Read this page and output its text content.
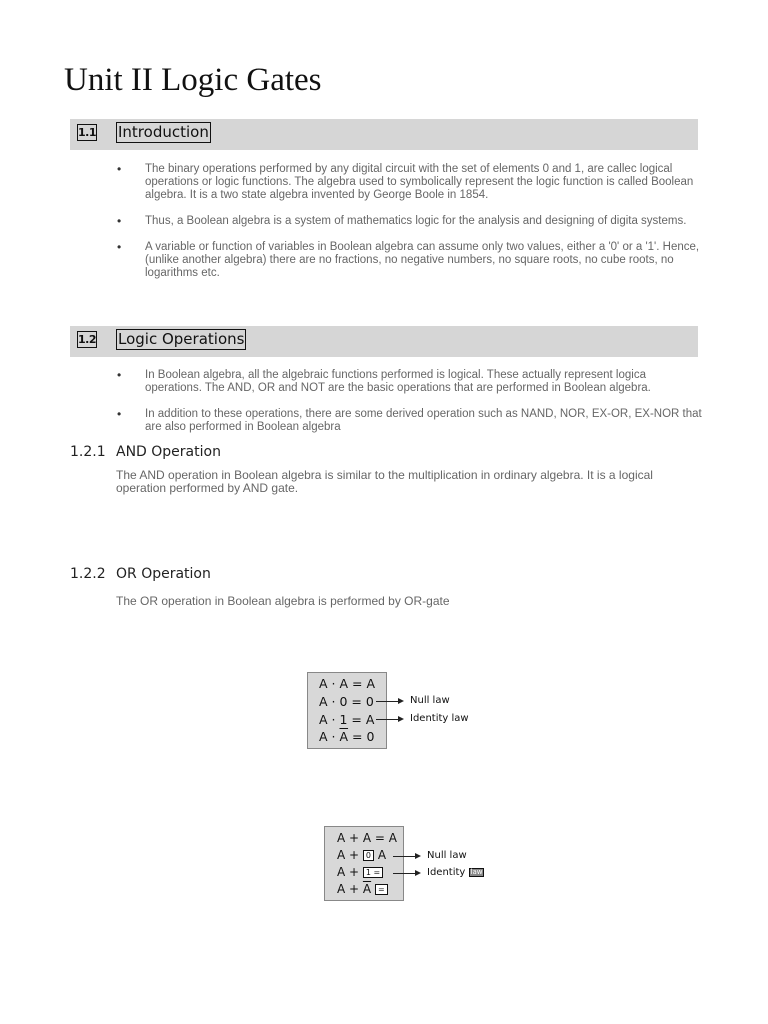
Unit II Logic Gates
1.1 Introduction
• The binary operations performed by any digital circuit with the set of elements 0 and 1, are callec logical operations or logic functions. The algebra used to symbolically represent the logic function is called Boolean algebra. It is a two state algebra invented by George Boole in 1854.
• Thus, a Boolean algebra is a system of mathematics logic for the analysis and designing of digita systems.
• A variable or function of variables in Boolean algebra can assume only two values, either a '0' or a '1'. Hence, (unlike another algebra) there are no fractions, no negative numbers, no square roots, no cube roots, no logarithms etc.
1.2 Logic Operations
• In Boolean algebra, all the algebraic functions performed is logical. These actually represent logica operations. The AND, OR and NOT are the basic operations that are performed in Boolean algebra.
• In addition to these operations, there are some derived operation such as NAND, NOR, EX-OR, EX-NOR that are also performed in Boolean algebra
1.2.1 AND Operation
The AND operation in Boolean algebra is similar to the multiplication in ordinary algebra. It is a logical operation performed by AND gate.
1.2.2 OR Operation
The OR operation in Boolean algebra is performed by OR-gate
A · A = A
A · 0 = 0
A · 1 = A
$A \cdot \overline{A} = 0$
Null law
Identity law
A + A = A
A + 0 A
A + 1 =
$A + \overline{A}$ =
Null law
Identity law
